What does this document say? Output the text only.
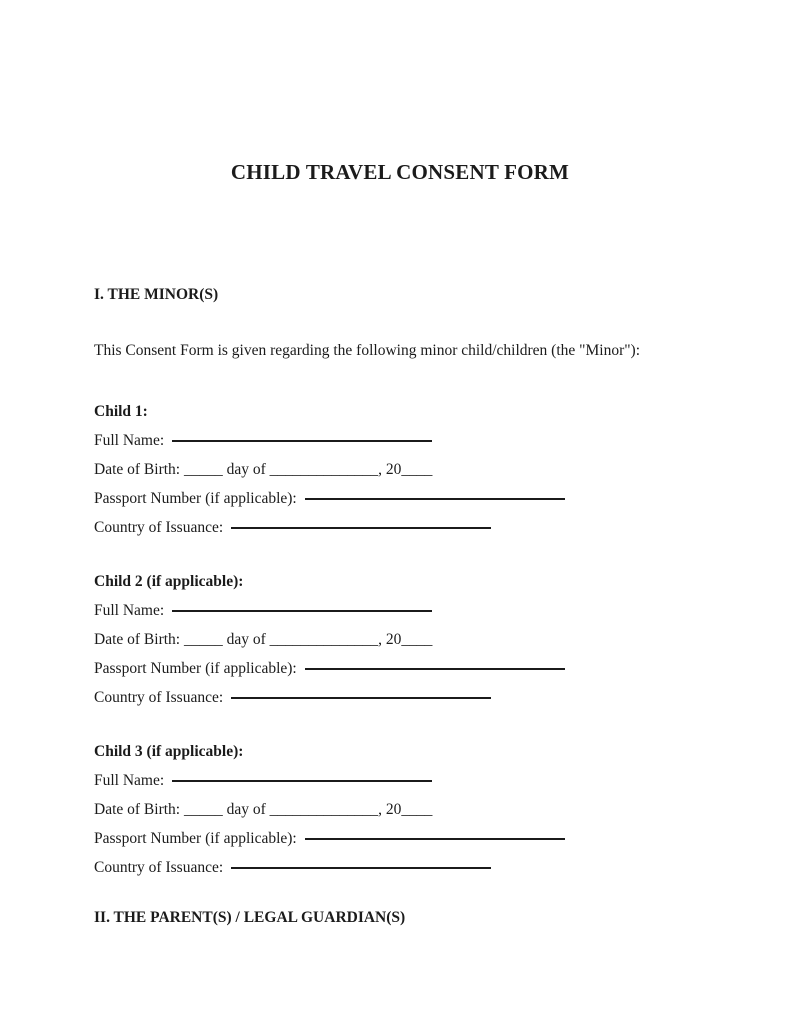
CHILD TRAVEL CONSENT FORM
I. THE MINOR(S)

This Consent Form is given regarding the following minor child/children (the "Minor"):

Child 1:
Full Name:
Date of Birth: _____ day of ______________, 20____
Passport Number (if applicable):
Country of Issuance:
Child 2 (if applicable):
Full Name:
Date of Birth: _____ day of ______________, 20____
Passport Number (if applicable):
Country of Issuance:
Child 3 (if applicable):
Full Name:
Date of Birth: _____ day of ______________, 20____
Passport Number (if applicable):
Country of Issuance:
II. THE PARENT(S) / LEGAL GUARDIAN(S)
